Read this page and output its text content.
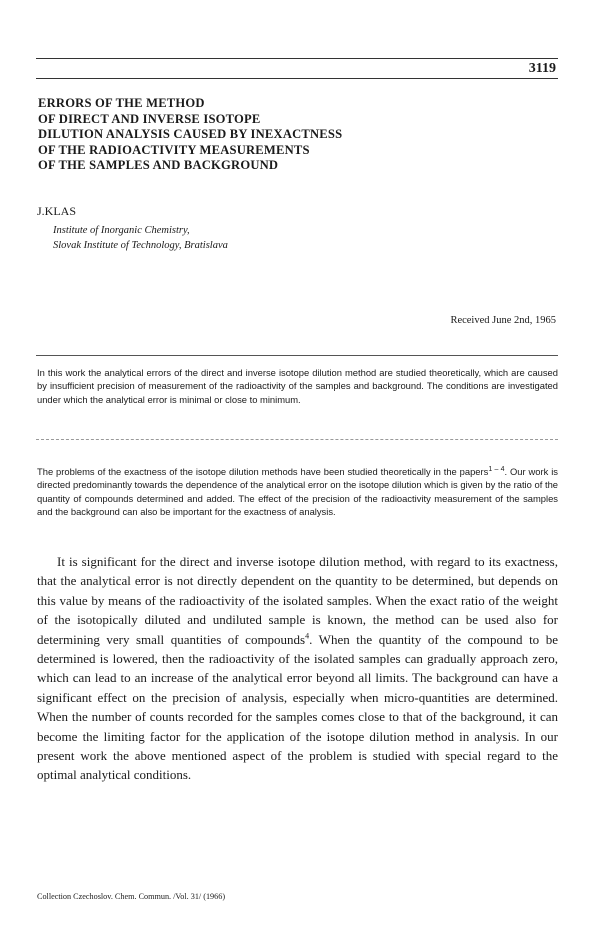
3119
ERRORS OF THE METHOD
OF DIRECT AND INVERSE ISOTOPE
DILUTION ANALYSIS CAUSED BY INEXACTNESS
OF THE RADIOACTIVITY MEASUREMENTS
OF THE SAMPLES AND BACKGROUND
J.KLAS
Institute of Inorganic Chemistry,
Slovak Institute of Technology, Bratislava
Received June 2nd, 1965
In this work the analytical errors of the direct and inverse isotope dilution method are studied theoretically, which are caused by insufficient precision of measurement of the radioactivity of the samples and background. The conditions are investigated under which the analytical error is minimal or close to minimum.
The problems of the exactness of the isotope dilution methods have been studied theoretically in the papers$^{1 - 4}$. Our work is directed predominantly towards the dependence of the analytical error on the isotope dilution which is given by the ratio of the quantity of compounds determined and added. The effect of the precision of the radioactivity measurement of the samples and the background can also be important for the exactness of analysis.

It is significant for the direct and inverse isotope dilution method, with regard to its exactness, that the analytical error is not directly dependent on the quantity to be determined, but depends on this value by means of the radioactivity of the isolated samples. When the exact ratio of the weight of the isotopically diluted and undiluted sample is known, the method can be used also for determining very small quantities of compounds$^4$. When the quantity of the compound to be determined is lowered, then the radioactivity of the isolated samples can gradually approach zero, which can lead to an increase of the analytical error beyond all limits. The background can have a significant effect on the precision of analysis, especially when micro-quantities are determined. When the number of counts recorded for the samples comes close to that of the background, it can become the limiting factor for the application of the isotope dilution method in analysis. In our present work the above mentioned aspect of the problem is studied with special regard to the optimal analytical conditions.

Collection Czechoslov. Chem. Commun. /Vol. 31/ (1966)
